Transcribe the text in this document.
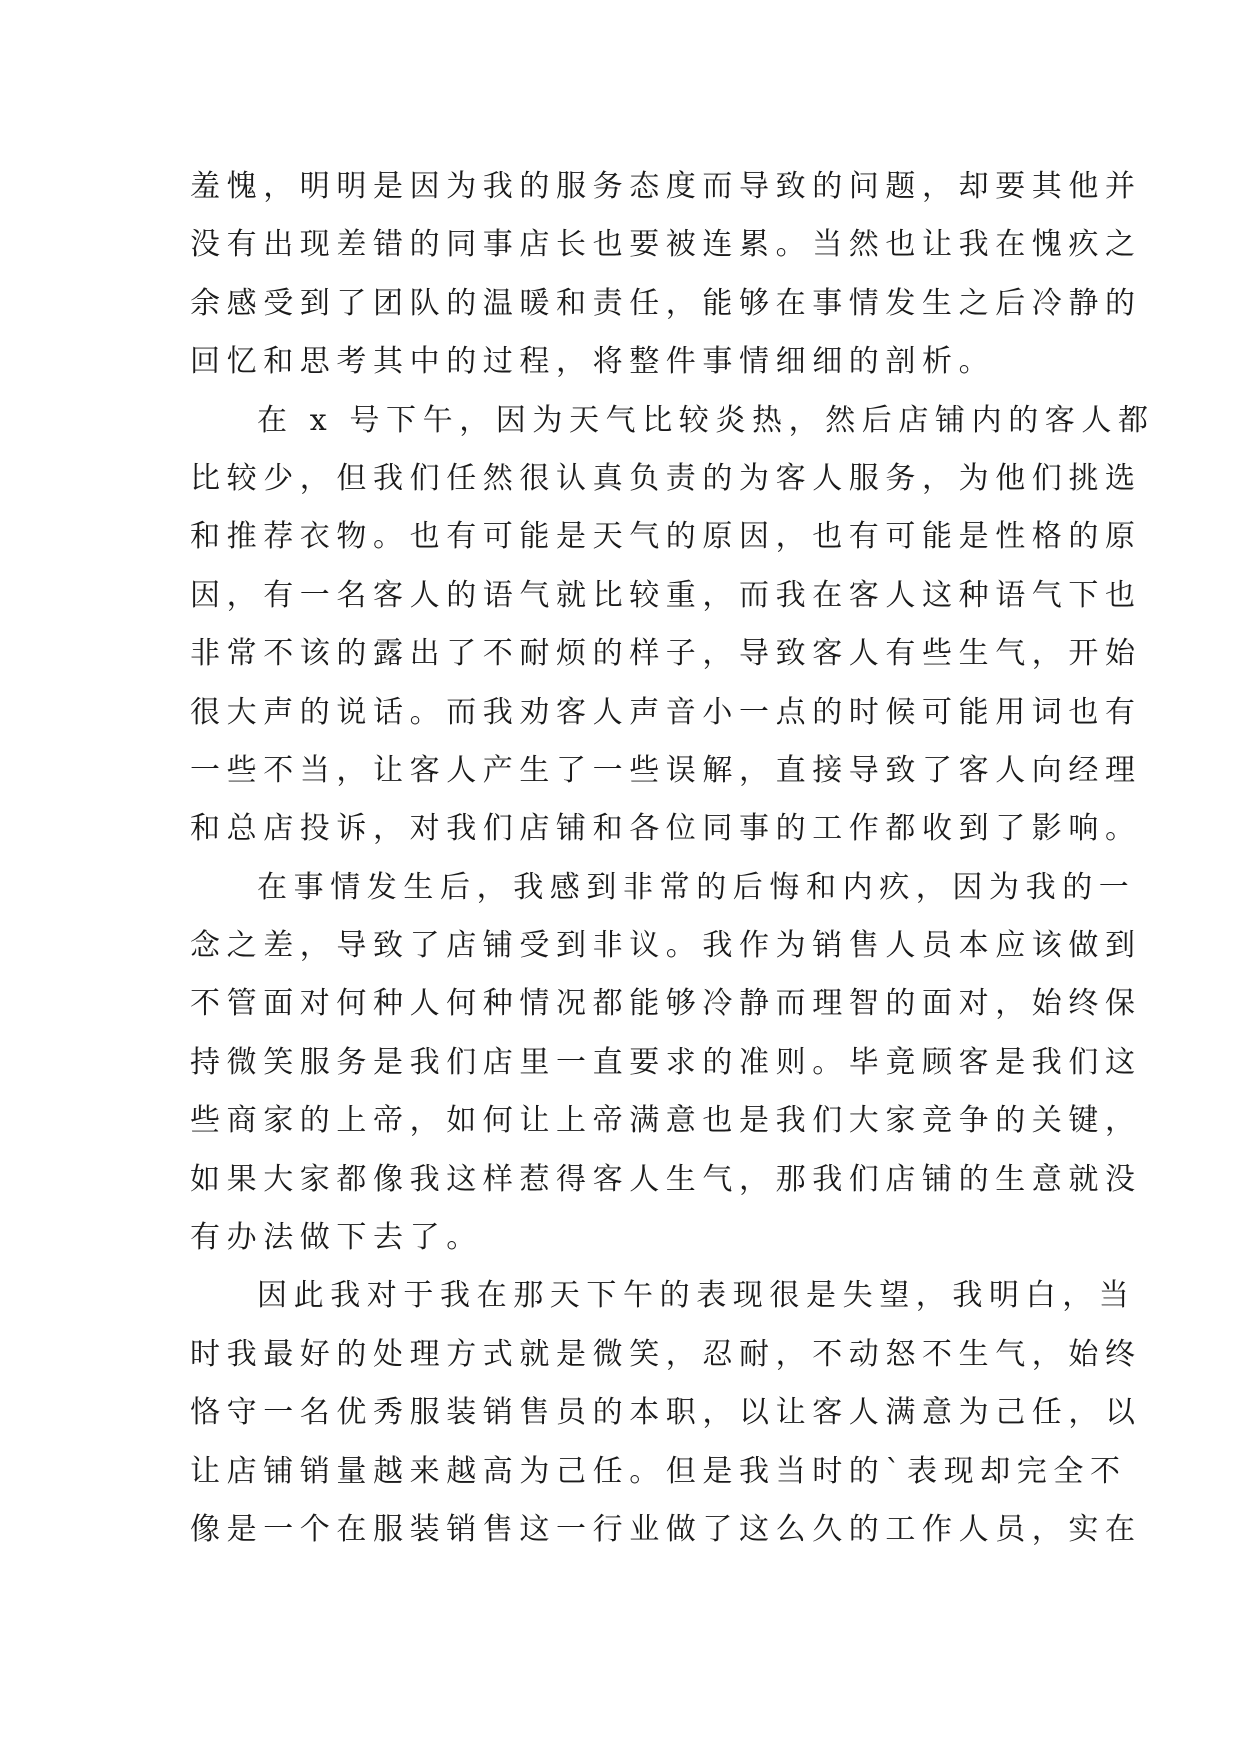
羞愧，明明是因为我的服务态度而导致的问题，却要其他并
没有出现差错的同事店长也要被连累。当然也让我在愧疚之
余感受到了团队的温暖和责任，能够在事情发生之后冷静的
回忆和思考其中的过程，将整件事情细细的剖析。
在 x 号下午，因为天气比较炎热，然后店铺内的客人都
比较少，但我们任然很认真负责的为客人服务，为他们挑选
和推荐衣物。也有可能是天气的原因，也有可能是性格的原
因，有一名客人的语气就比较重，而我在客人这种语气下也
非常不该的露出了不耐烦的样子，导致客人有些生气，开始
很大声的说话。而我劝客人声音小一点的时候可能用词也有
一些不当，让客人产生了一些误解，直接导致了客人向经理
和总店投诉，对我们店铺和各位同事的工作都收到了影响。
在事情发生后，我感到非常的后悔和内疚，因为我的一
念之差，导致了店铺受到非议。我作为销售人员本应该做到
不管面对何种人何种情况都能够冷静而理智的面对，始终保
持微笑服务是我们店里一直要求的准则。毕竟顾客是我们这
些商家的上帝，如何让上帝满意也是我们大家竞争的关键，
如果大家都像我这样惹得客人生气，那我们店铺的生意就没
有办法做下去了。
因此我对于我在那天下午的表现很是失望，我明白，当
时我最好的处理方式就是微笑，忍耐，不动怒不生气，始终
恪守一名优秀服装销售员的本职，以让客人满意为己任，以
让店铺销量越来越高为己任。但是我当时的`表现却完全不
像是一个在服装销售这一行业做了这么久的工作人员，实在
